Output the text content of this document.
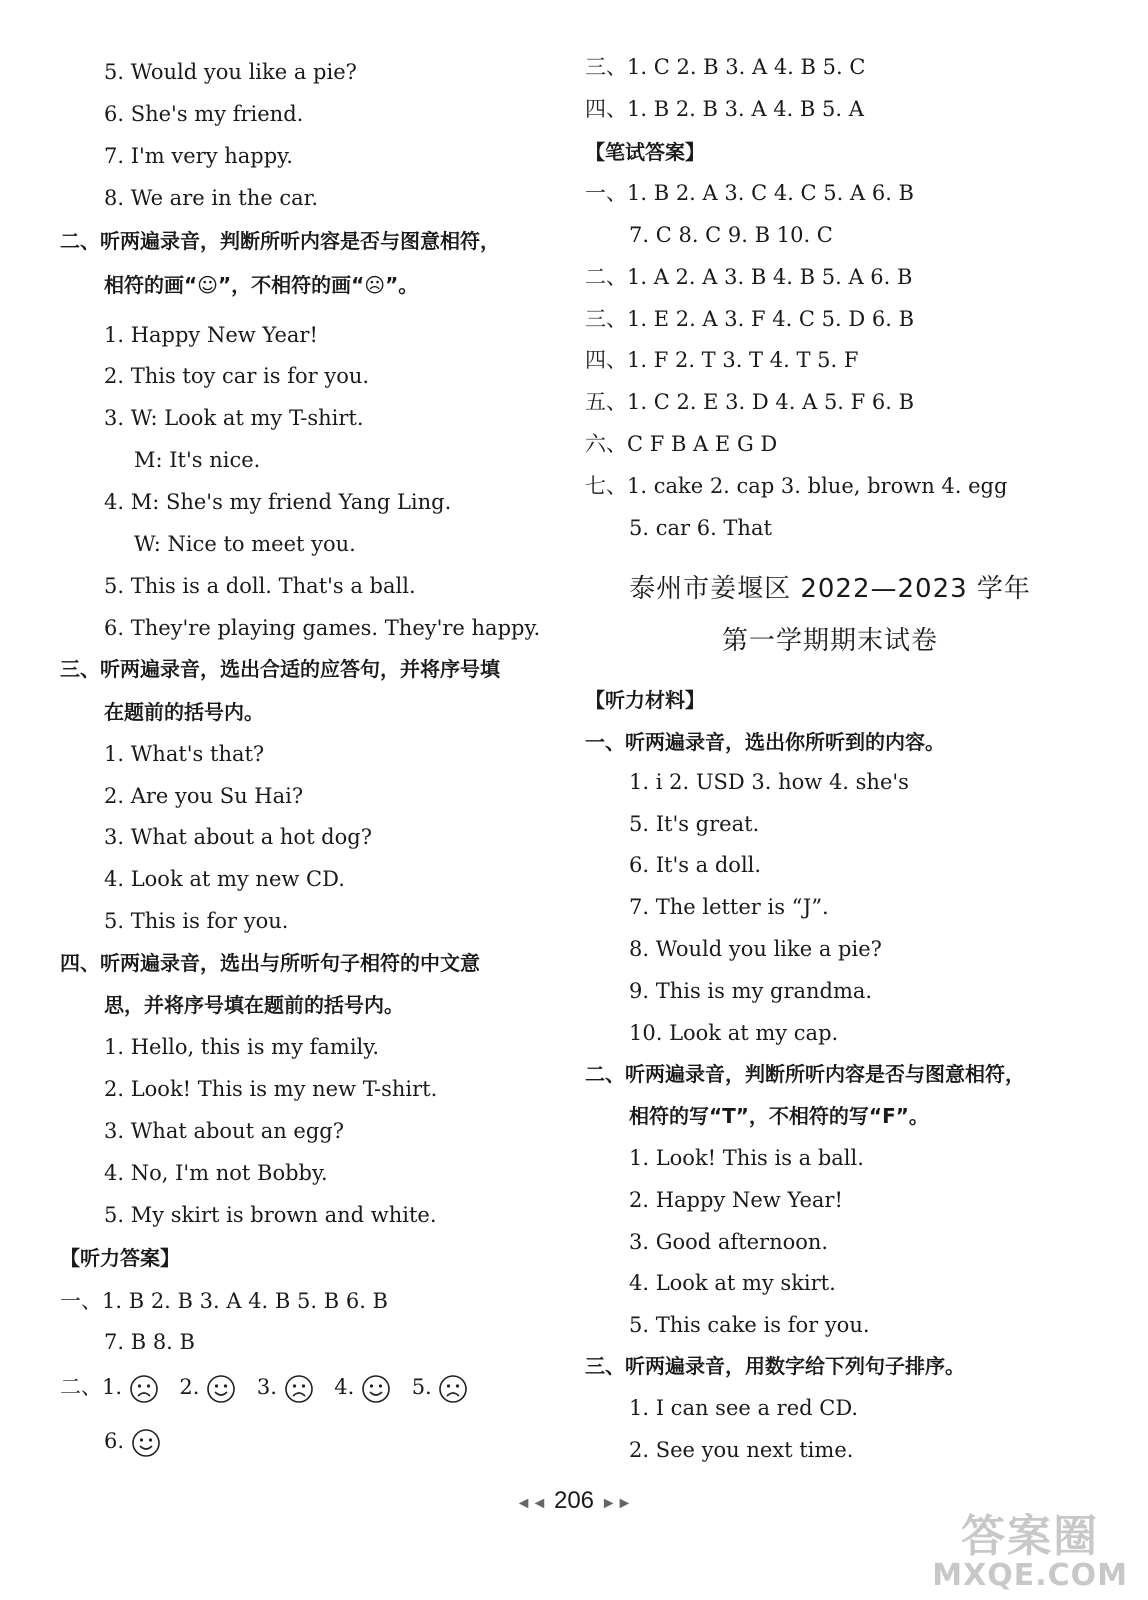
5. Would you like a pie?
6. She's my friend.
7. I'm very happy.
8. We are in the car.
二、听两遍录音，判断所听内容是否与图意相符，
相符的画“☺”，不相符的画“☹”。
1. Happy New Year!
2. This toy car is for you.
3. W: Look at my T-shirt.
M: It's nice.
4. M: She's my friend Yang Ling.
W: Nice to meet you.
5. This is a doll. That's a ball.
6. They're playing games. They're happy.
三、听两遍录音，选出合适的应答句，并将序号填
在题前的括号内。
1. What's that?
2. Are you Su Hai?
3. What about a hot dog?
4. Look at my new CD.
5. This is for you.
四、听两遍录音，选出与所听句子相符的中文意
思，并将序号填在题前的括号内。
1. Hello, this is my family.
2. Look! This is my new T-shirt.
3. What about an egg?
4. No, I'm not Bobby.
5. My skirt is brown and white.
【听力答案】
一、1. B 2. B 3. A 4. B 5. B 6. B
7. B 8. B
二、1.	2.	3.	4.	5.
6.
三、1. C 2. B 3. A 4. B 5. C
四、1. B 2. B 3. A 4. B 5. A
【笔试答案】
一、1. B 2. A 3. C 4. C 5. A 6. B
7. C 8. C 9. B 10. C
二、1. A 2. A 3. B 4. B 5. A 6. B
三、1. E 2. A 3. F 4. C 5. D 6. B
四、1. F 2. T 3. T 4. T 5. F
五、1. C 2. E 3. D 4. A 5. F 6. B
六、C F B A E G D
七、1. cake 2. cap 3. blue, brown 4. egg
5. car 6. That
【听力材料】
一、听两遍录音，选出你所听到的内容。
1. i 2. USD 3. how 4. she's
5. It's great.
6. It's a doll.
7. The letter is “J”.
8. Would you like a pie?
9. This is my grandma.
10. Look at my cap.
二、听两遍录音，判断所听内容是否与图意相符，
相符的写“T”，不相符的写“F”。
1. Look! This is a ball.
2. Happy New Year!
3. Good afternoon.
4. Look at my skirt.
5. This cake is for you.
三、听两遍录音，用数字给下列句子排序。
1. I can see a red CD.
2. See you next time.
泰州市姜堰区 2022—2023 学年
第一学期期末试卷
◄◄ 206 ►►
答案圈
MXQE.COM
